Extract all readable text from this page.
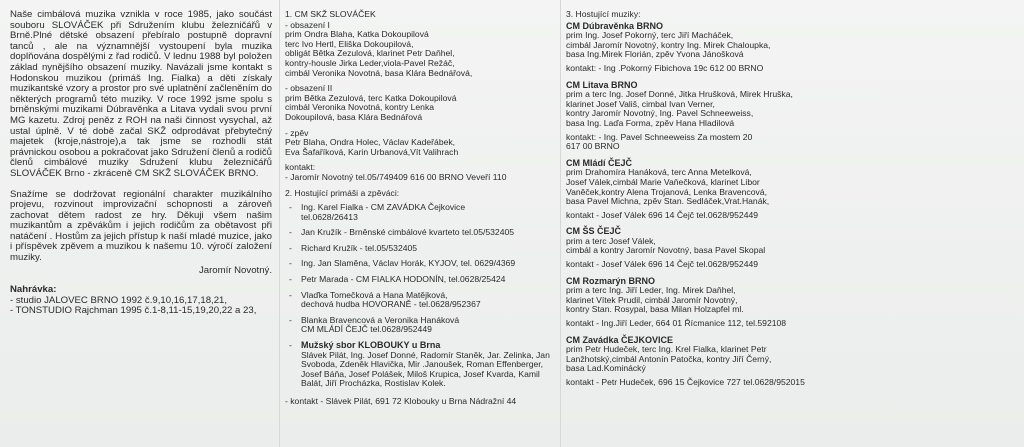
Naše cimbálová muzika vznikla v roce 1985, jako součást souboru SLOVÁČEK při Sdružením klubu železničářů v Brně.Plné dětské obsazení přebíralo postupně dopravní tanců , ale na významnější vystoupení byla muzika doplňována dospělými z řad rodičů. V lednu 1988 byl položen základ nynějšího obsazení muziky. Navázali jsme kontakt s Hodonskou muzikou (primáš Ing. Fialka) a děti získaly muzikantské vzory a prostor pro své uplatnění začleněním do některých programů této muziky. V roce 1992 jsme spolu s brněnskými muzikami Dúbravěnka a Litava vydali svou první MG kazetu. Zdroj peněz z ROH na naši činnost vysychal, až ustal úplně. V té době začal SKŽ odprodávat přebytečný majetek (kroje,nástroje),a tak jsme se rozhodli stát právnickou osobou a pokračovat jako Sdružení členů a rodičů členů cimbálové muziky Sdružení klubu železničářů SLOVÁČEK Brno - zkráceně CM SKŽ SLOVÁČEK BRNO.
Snažíme se dodržovat regionální charakter muzikálního projevu, rozvinout improvizační schopnosti a zároveň zachovat dětem radost ze hry. Děkuji všem našim muzikantům a zpěvákům i jejich rodičům za obětavost při natáčení . Hostům za jejich přístup k naší mladé muzice, jako i příspěvek zpěvem a muzikou k našemu 10. výročí založení muziky.
Jaromír Novotný.
Nahrávka:
- studio JALOVEC BRNO 1992 č.9,10,16,17,18,21,
- TONSTUDIO Rajchman 1995 č.1-8,11-15,19,20,22 a 23,
1. CM SKŽ SLOVÁČEK
- obsazení I
prim Ondra Blaha, Katka Dokoupilová
terc Ivo Hertl, Eliška Dokoupilová,
obligát Bětka Zezulová, klarinet Petr Daňhel,
kontry-housle Jirka Leder,viola-Pavel Režáč,
cimbál Veronika Novotná, basa Klára Bednářová,
- obsazení II
prim Bětka Zezulová, terc Katka Dokoupilová
cimbál Veronika Novotná, kontry Lenka
Dokoupilová, basa Klára Bednářová
- zpěv
Petr Blaha, Ondra Holec, Václav Kadeřábek,
Eva Šafaříková, Karin Urbanová,Vít Valihrach
kontakt:
- Jaromír Novotný tel.05/749409 616 00 BRNO Veveří 110
2. Hostující primáši a zpěváci:
-	Ing. Karel Fialka - CM ZAVÁDKA Čejkovice
tel.0628/26413
-	Jan Kružík - Brněnské cimbálové kvarteto tel.05/532405
-	Richard Kružík - tel.05/532405
-	Ing. Jan Slaměna, Václav Horák, KYJOV, tel. 0629/4369
-	Petr Marada - CM FIALKA HODONÍN, tel.0628/25424
-	Vlaďka Tomečková a Hana Matějková,
dechová hudba HOVORANĚ - tel.0628/952367
-	Blanka Bravencová a Veronika Hanáková
CM MLÁDÍ ČEJČ tel.0628/952449
-	Mužský sbor KLOBOUKY u Brna
Slávek Pilát, Ing. Josef Donné, Radomír Staněk, Jar. Zelinka, Jan Svoboda, Zdeněk Hlavička, Mir .Janoušek, Roman Effenberger, Josef Báňa, Josef Polášek, Miloš Krupica, Josef Kvarda, Kamil Balát, Jiří Procházka, Rostislav Kolek.
- kontakt - Slávek Pilát, 691 72 Klobouky u Brna Nádražní 44
3. Hostující muziky:
CM Dúbravěnka BRNO
prim Ing. Josef Pokorný, terc Jiří Macháček,
cimbál Jaromír Novotný, kontry Ing. Mirek Chaloupka,
basa Ing.Mirek Florián, zpěv Yvona Jánošková
kontakt: - Ing .Pokorný Fibichova 19c 612 00 BRNO
CM Litava BRNO
prim a terc Ing. Josef Donné, Jitka Hrušková, Mirek Hruška,
klarinet Josef Vališ, cimbal Ivan Verner,
kontry Jaromír Novotný, Ing. Pavel Schneeweiss,
basa Ing. Laďa Forma, zpěv Hana Hladilová
kontakt: - Ing. Pavel Schneeweiss Za mostem 20
617 00 BRNO
CM Mládí ČEJČ
prim Drahomíra Hanáková, terc Anna Metelková,
Josef Válek,cimbál Marie Vaňečková, klarinet Libor
Vaněček,kontry Alena Trojanová, Lenka Bravencová,
basa Pavel Michna, zpěv Stan. Sedláček,Vrat.Hanák,
kontakt - Josef Válek 696 14 Čejč tel.0628/952449
CM ŠS ČEJČ
prim a terc Josef Válek,
cimbál a kontry Jaromír Novotný, basa Pavel Skopal
kontakt - Josef Válek 696 14 Čejč tel.0628/952449
CM Rozmarýn BRNO
prim a terc Ing. Jiří Leder, Ing. Mirek Daňhel,
klarinet Vítek Prudil, cimbál Jaromír Novotný,
kontry Stan. Rosypal, basa Milan Holzapfel ml.
kontakt - Ing.Jiří Leder, 664 01 Řícmanice 112, tel.592108
CM Zavádka ČEJKOVICE
prim Petr Hudeček, terc Ing. Krel Fialka, klarinet Petr
Lanžhotský,cimbál Antonín Patočka, kontry Jiří Černý,
basa Lad.Kominácký
kontakt - Petr Hudeček, 696 15 Čejkovice 727 tel.0628/952015
